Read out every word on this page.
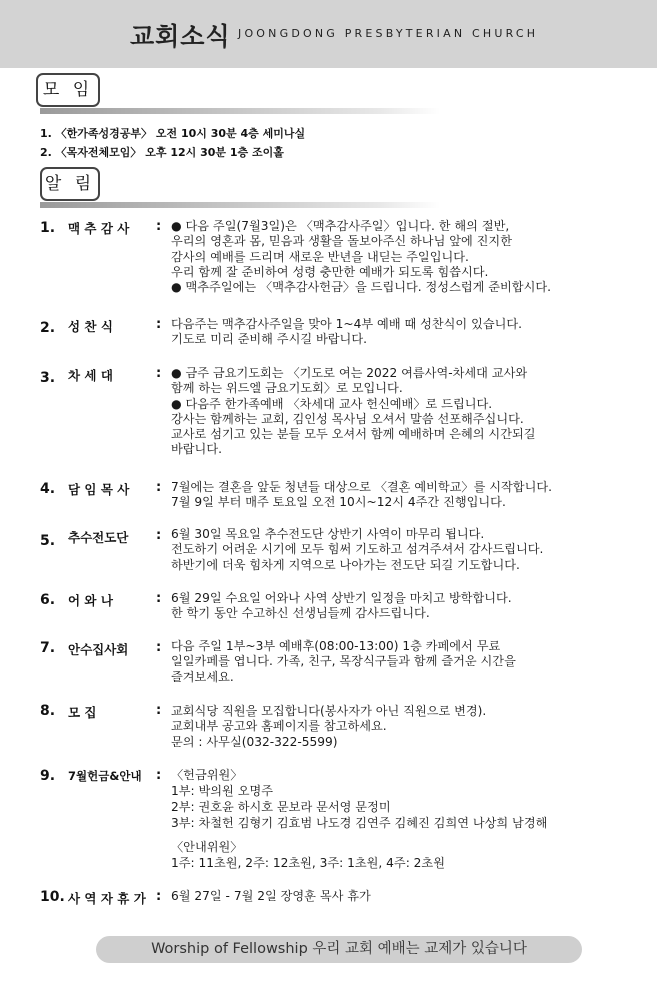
교회소식 JOONGDONG PRESBYTERIAN CHURCH
모 임
1. 〈한가족성경공부〉 오전 10시 30분 4층 세미나실
2. 〈목자전체모임〉 오후 12시 30분 1층 조이홀
알 림
1. 맥 추 감 사	: ● 다음 주일(7월3일)은 〈맥추감사주일〉입니다. 한 해의 절반,
우리의 영혼과 몸, 믿음과 생활을 돌보아주신 하나님 앞에 진지한
감사의 예배를 드리며 새로운 반년을 내딛는 주일입니다.
우리 함께 잘 준비하여 성령 충만한 예배가 되도록 힘씁시다.
● 맥추주일에는 〈맥추감사헌금〉을 드립니다. 정성스럽게 준비합시다.
2. 성 찬 식	: 다음주는 맥추감사주일을 맞아 1~4부 예배 때 성찬식이 있습니다.
기도로 미리 준비해 주시길 바랍니다.
3. 차 세 대	: ● 금주 금요기도회는 〈기도로 여는 2022 여름사역-차세대 교사와
함께 하는 위드엘 금요기도회〉로 모입니다.
● 다음주 한가족예배 〈차세대 교사 헌신예배〉로 드립니다.
강사는 함께하는 교회, 김인성 목사님 오셔서 말씀 선포해주십니다.
교사로 섬기고 있는 분들 모두 오셔서 함께 예배하며 은혜의 시간되길
바랍니다.
4. 담 임 목 사	: 7월에는 결혼을 앞둔 청년들 대상으로 〈결혼 예비학교〉를 시작합니다.
7월 9일 부터 매주 토요일 오전 10시~12시 4주간 진행입니다.
5. 추수전도단	: 6월 30일 목요일 추수전도단 상반기 사역이 마무리 됩니다.
전도하기 어려운 시기에 모두 힘써 기도하고 섬겨주셔서 감사드립니다.
하반기에 더욱 힘차게 지역으로 나아가는 전도단 되길 기도합니다.
6. 어 와 나	: 6월 29일 수요일 어와나 사역 상반기 일정을 마치고 방학합니다.
한 학기 동안 수고하신 선생님들께 감사드립니다.
7. 안수집사회	: 다음 주일 1부~3부 예배후(08:00-13:00) 1층 카페에서 무료
일일카페를 엽니다. 가족, 친구, 목장식구들과 함께 즐거운 시간을
즐겨보세요.
8. 모 집	: 교회식당 직원을 모집합니다(봉사자가 아닌 직원으로 변경).
교회내부 공고와 홈페이지를 참고하세요.
문의 : 사무실(032-322-5599)
9. 7월헌금&안내	: 〈헌금위원〉
1부: 박의원 오명주
2부: 권호윤 하시호 문보라 문서영 문정미
3부: 차철헌 김형기 김효범 나도경 김연주 김혜진 김희연 나상희 남경해
〈안내위원〉
1주: 11초원, 2주: 12초원, 3주: 1초원, 4주: 2초원
10. 사 역 자 휴 가 : 6월 27일 - 7월 2일 장영훈 목사 휴가
Worship of Fellowship 우리 교회 예배는 교제가 있습니다
